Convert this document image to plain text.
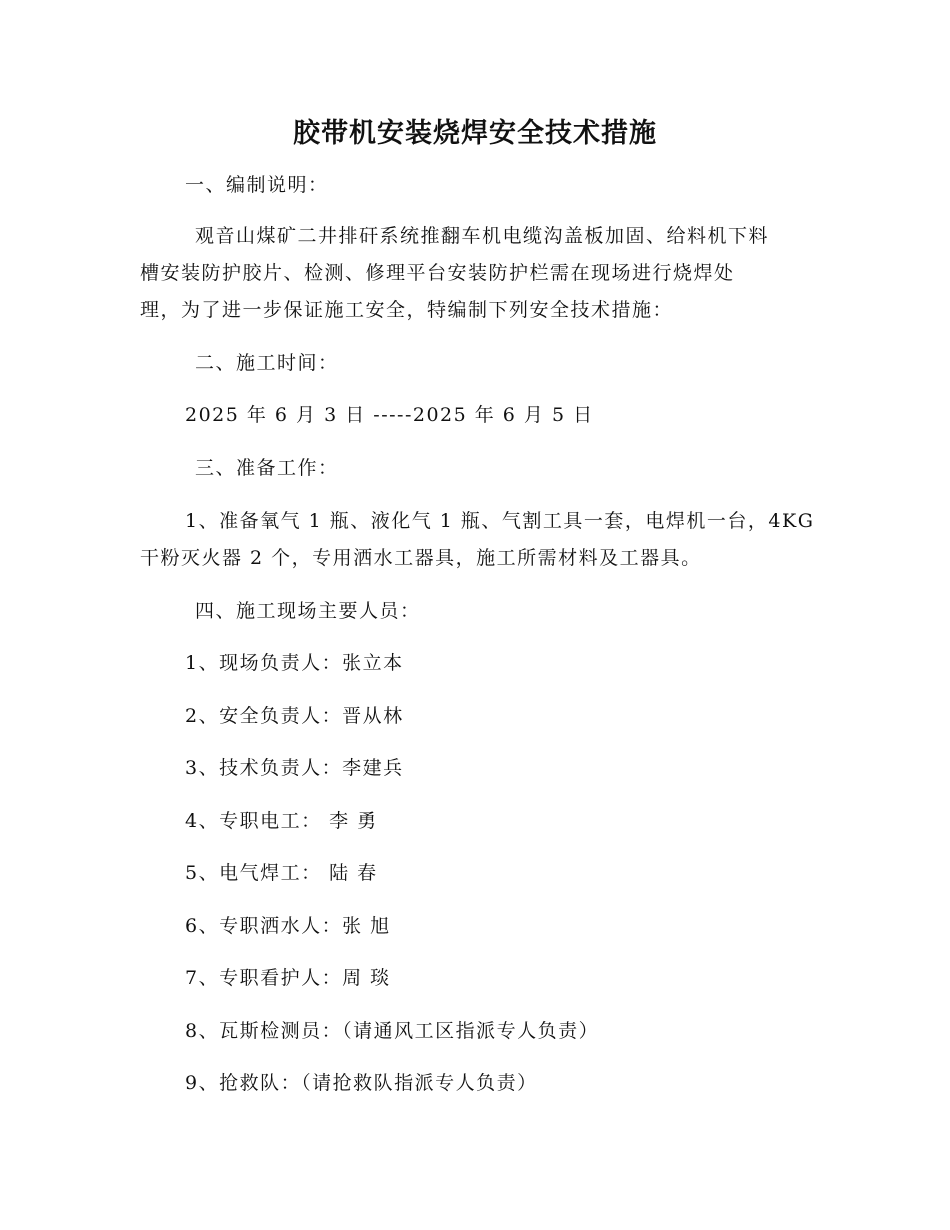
胶带机安装烧焊安全技术措施
一、编制说明：
观音山煤矿二井排矸系统推翻车机电缆沟盖板加固、给料机下料
槽安装防护胶片、检测、修理平台安装防护栏需在现场进行烧焊处
理，为了进一步保证施工安全，特编制下列安全技术措施：
二、施工时间：
2025 年 6 月 3 日 -----2025 年 6 月 5 日
三、准备工作：
1、准备氧气 1 瓶、液化气 1 瓶、气割工具一套，电焊机一台，4KG
干粉灭火器 2 个，专用洒水工器具，施工所需材料及工器具。
四、施工现场主要人员：
1、现场负责人：张立本
2、安全负责人：晋从林
3、技术负责人：李建兵
4、专职电工： 李 勇
5、电气焊工： 陆 春
6、专职洒水人：张 旭
7、专职看护人：周 琰
8、瓦斯检测员：（请通风工区指派专人负责）
9、抢救队：（请抢救队指派专人负责）
